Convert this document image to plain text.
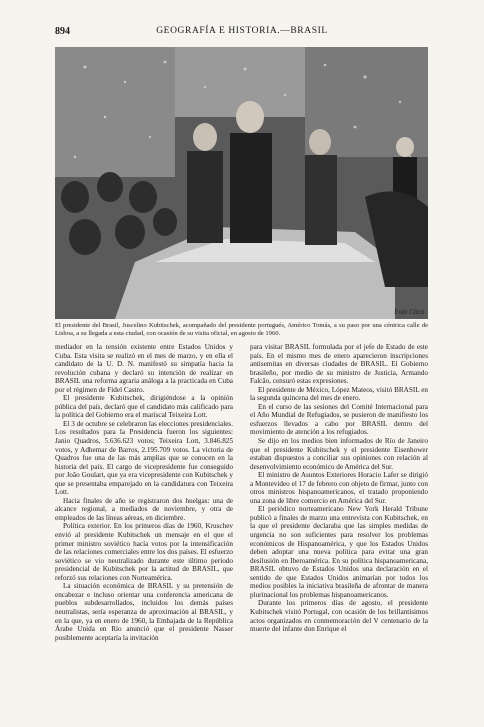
894	GEOGRAFÍA E HISTORIA.—BRASIL
Foto Citra
El presidente del Brasil, Juscelino Kubitschek, acompañado del presidente portugués, Américo Tomás, a su paso por una céntrica calle de Lisboa, a su llegada a esta ciudad, con ocasión de su visita oficial, en agosto de 1960.

mediador en la tensión existente entre Estados Unidos y Cuba. Esta visita se realizó en el mes de marzo, y en ella el candidato de la U. D. N. manifestó su simpatía hacia la revolución cubana y declaró su intención de realizar en BRASIL una reforma agraria análoga a la practicada en Cuba por el régimen de Fidel Castro.

El presidente Kubitschek, dirigiéndose a la opinión pública del país, declaró que el candidato más calificado para la política del Gobierno era el mariscal Teixeira Lott.

El 3 de octubre se celebraron las elecciones presidenciales. Los resultados para la Presidencia fueron los siguientes: Janio Quadros, 5.636.623 votos; Teixeira Lott, 3.846.825 votos, y Adhemar de Barros, 2.195.709 votos. La victoria de Quadros fue una de las más amplias que se conocen en la historia del país. El cargo de vicepresidente fue conseguido por João Goulart, que ya era vicepresidente con Kubitschek y que se presentaba emparejado en la candidatura con Teixeira Lott.

Hacia finales de año se registraron dos huelgas: una de alcance regional, a mediados de noviembre, y otra de empleados de las líneas aéreas, en diciembre.

Política exterior. En los primeros días de 1960, Kruschev envió al presidente Kubitschek un mensaje en el que el primer ministro soviético hacía votos por la intensificación de las relaciones comerciales entre los dos países. El esfuerzo soviético se vio neutralizado durante este último período presidencial de Kubitschek por la actitud de BRASIL, que reforzó sus relaciones con Norteamérica.

La situación económica de BRASIL y su pretensión de encabezar e incluso orientar una conferencia americana de pueblos subdesarrollados, incluidos los demás países neutralistas, sería esperanza de aproximación al BRASIL, y en la que, ya en enero de 1960, la Embajada de la República Árabe Unida en Río anunció que el presidente Nasser posiblemente aceptaría la invitación

para visitar BRASIL formulada por el jefe de Estado de este país. En el mismo mes de enero aparecieron inscripciones antisemitas en diversas ciudades de BRASIL. El Gobierno brasileño, por medio de su ministro de Justicia, Armando Falcão, censuró estas expresiones.

El presidente de México, López Mateos, visitó BRASIL en la segunda quincena del mes de enero.

En el curso de las sesiones del Comité Internacional para el Año Mundial de Refugiados, se pusieron de manifiesto los esfuerzos llevados a cabo por BRASIL dentro del movimiento de atención a los refugiados.

Se dijo en los medios bien informados de Río de Janeiro que el presidente Kubitschek y el presidente Eisenhower estaban dispuestos a conciliar sus opiniones con relación al desenvolvimiento económico de América del Sur.

El ministro de Asuntos Exteriores Horacio Lafer se dirigió a Montevideo el 17 de febrero con objeto de firmar, junto con otros ministros hispanoamericanos, el tratado proponiendo una zona de libre comercio en América del Sur.

El periódico norteamericano New York Herald Tribune publicó a finales de marzo una entrevista con Kubitschek, en la que el presidente declaraba que las simples medidas de urgencia no son suficientes para resolver los problemas económicos de Hispanoamérica, y que los Estados Unidos deben adoptar una nueva política para evitar una gran desilusión en Iberoamérica. En su política hispanoamericana, BRASIL obtuvo de Estados Unidos una declaración en el sentido de que Estados Unidos animarían por todos los medios posibles la iniciativa brasileña de afrontar de manera plurinacional los problemas hispanoamericanos.

Durante los primeros días de agosto, el presidente Kubitschek visitó Portugal, con ocasión de los brillantísimos actos organizados en conmemoración del V centenario de la muerte del infante don Enrique el
